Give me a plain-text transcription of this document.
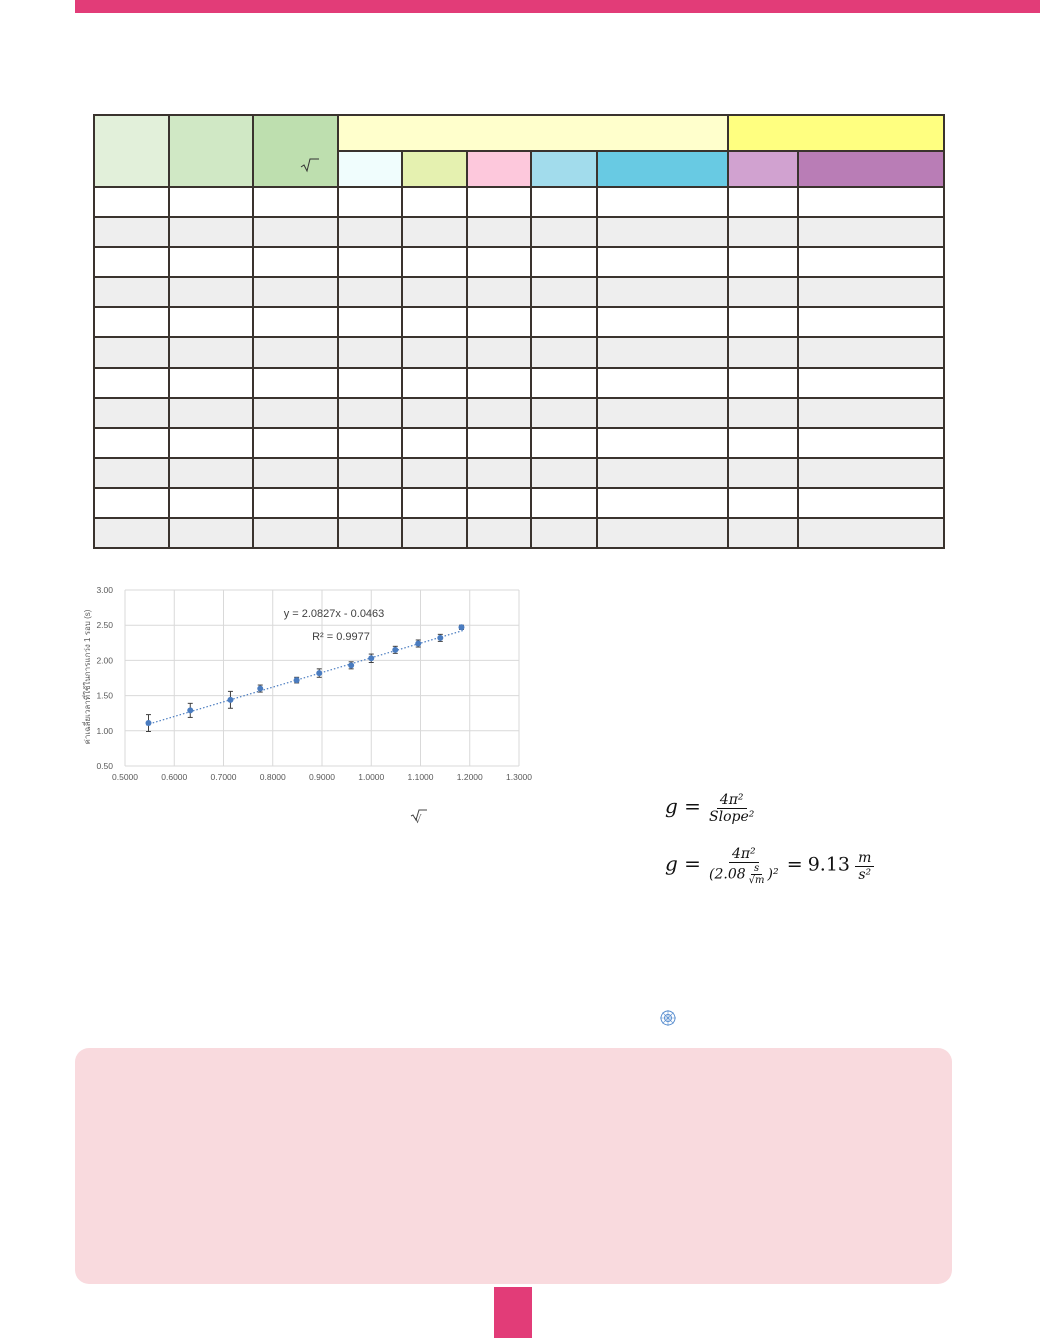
0.5000	0.6000	0.7000	0.8000	0.9000	1.0000	1.1000	1.2000	1.3000
0.50
1.00
1.50
2.00
2.50
3.00
y = 2.0827x - 0.0463
R² = 0.9977
ค่าเฉลี่ยเวลาที่ใช้ในการแกว่ง 1 รอบ (s)
√
$g = \frac{\text{4π²}}{\text{Slope²}}$
$g = \frac{\text{4π²}}{(2.08 \frac{s}{√m} )^2} = 9.13 \frac{m}{\text{s²}}$
